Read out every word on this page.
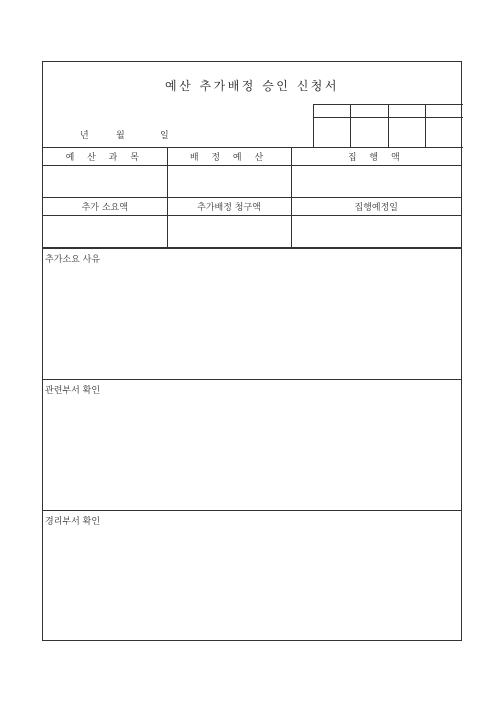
예산 추가배정 승인 신청서
년	월	일

예 산 과 목	배 정 예 산	집 행 액

추가 소요액	추가배정 청구액	집행예정일

추가소요 사유
관련부서 확인
경리부서 확인
